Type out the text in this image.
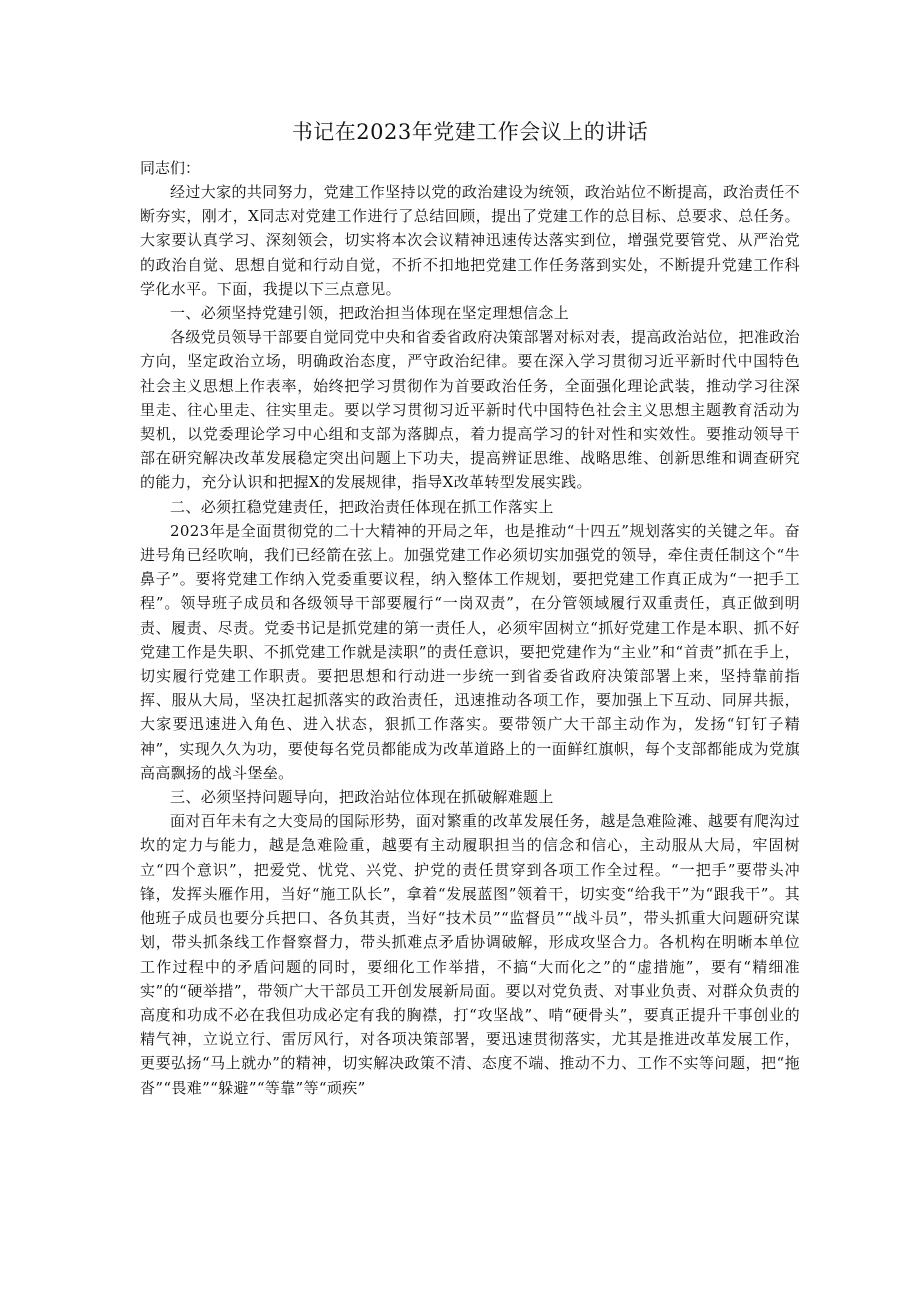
书记在2023年党建工作会议上的讲话
同志们：

经过大家的共同努力，党建工作坚持以党的政治建设为统领，政治站位不断提高，政治责任不断夯实，刚才，X同志对党建工作进行了总结回顾，提出了党建工作的总目标、总要求、总任务。大家要认真学习、深刻领会，切实将本次会议精神迅速传达落实到位，增强党要管党、从严治党的政治自觉、思想自觉和行动自觉，不折不扣地把党建工作任务落到实处，不断提升党建工作科学化水平。下面，我提以下三点意见。

一、必须坚持党建引领，把政治担当体现在坚定理想信念上

各级党员领导干部要自觉同党中央和省委省政府决策部署对标对表，提高政治站位，把准政治方向，坚定政治立场，明确政治态度，严守政治纪律。要在深入学习贯彻习近平新时代中国特色社会主义思想上作表率，始终把学习贯彻作为首要政治任务，全面强化理论武装，推动学习往深里走、往心里走、往实里走。要以学习贯彻习近平新时代中国特色社会主义思想主题教育活动为契机，以党委理论学习中心组和支部为落脚点，着力提高学习的针对性和实效性。要推动领导干部在研究解决改革发展稳定突出问题上下功夫，提高辨证思维、战略思维、创新思维和调查研究的能力，充分认识和把握X的发展规律，指导X改革转型发展实践。

二、必须扛稳党建责任，把政治责任体现在抓工作落实上

2023年是全面贯彻党的二十大精神的开局之年，也是推动“十四五”规划落实的关键之年。奋进号角已经吹响，我们已经箭在弦上。加强党建工作必须切实加强党的领导，牵住责任制这个“牛鼻子”。要将党建工作纳入党委重要议程，纳入整体工作规划，要把党建工作真正成为“一把手工程”。领导班子成员和各级领导干部要履行“一岗双责”，在分管领域履行双重责任，真正做到明责、履责、尽责。党委书记是抓党建的第一责任人，必须牢固树立“抓好党建工作是本职、抓不好党建工作是失职、不抓党建工作就是渎职”的责任意识，要把党建作为“主业”和“首责”抓在手上，切实履行党建工作职责。要把思想和行动进一步统一到省委省政府决策部署上来，坚持靠前指挥、服从大局，坚决扛起抓落实的政治责任，迅速推动各项工作，要加强上下互动、同屏共振，大家要迅速进入角色、进入状态，狠抓工作落实。要带领广大干部主动作为，发扬“钉钉子精神”，实现久久为功，要使每名党员都能成为改革道路上的一面鲜红旗帜，每个支部都能成为党旗高高飘扬的战斗堡垒。

三、必须坚持问题导向，把政治站位体现在抓破解难题上

面对百年未有之大变局的国际形势，面对繁重的改革发展任务，越是急难险滩、越要有爬沟过坎的定力与能力，越是急难险重，越要有主动履职担当的信念和信心，主动服从大局，牢固树立“四个意识”，把爱党、忧党、兴党、护党的责任贯穿到各项工作全过程。“一把手”要带头冲锋，发挥头雁作用，当好“施工队长”，拿着“发展蓝图”领着干，切实变“给我干”为“跟我干”。其他班子成员也要分兵把口、各负其责，当好“技术员”“监督员”“战斗员”，带头抓重大问题研究谋划，带头抓条线工作督察督力，带头抓难点矛盾协调破解，形成攻坚合力。各机构在明晰本单位工作过程中的矛盾问题的同时，要细化工作举措，不搞“大而化之”的“虚措施”，要有“精细准实”的“硬举措”，带领广大干部员工开创发展新局面。要以对党负责、对事业负责、对群众负责的高度和功成不必在我但功成必定有我的胸襟，打“攻坚战”、啃“硬骨头”，要真正提升干事创业的精气神，立说立行、雷厉风行，对各项决策部署，要迅速贯彻落实，尤其是推进改革发展工作，更要弘扬“马上就办”的精神，切实解决政策不清、态度不端、推动不力、工作不实等问题，把“拖沓”“畏难”“躲避”“等靠”等“顽疾”
